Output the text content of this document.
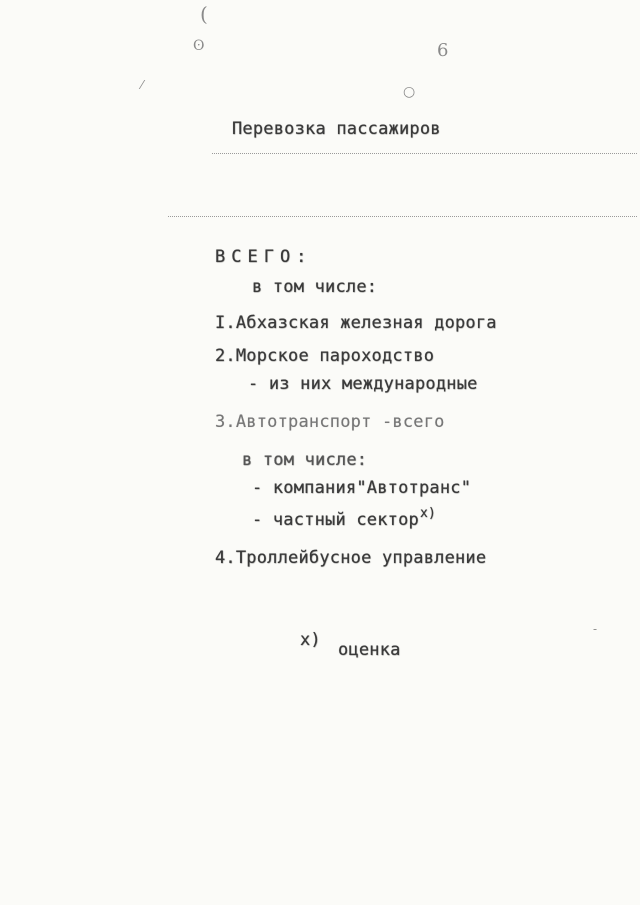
(
ʘ	6
○
⁄
Перевозка пассажиров
ВСЕГО:
в том числе:
I.Абхазская железная дорога
2.Морское пароходство
- из них международные
3.Автотранспорт -всего
в том числе:
- компания"Автотранс"
- частный сектор$^{x)}$
4.Троллейбусное управление
x) оценка
-
